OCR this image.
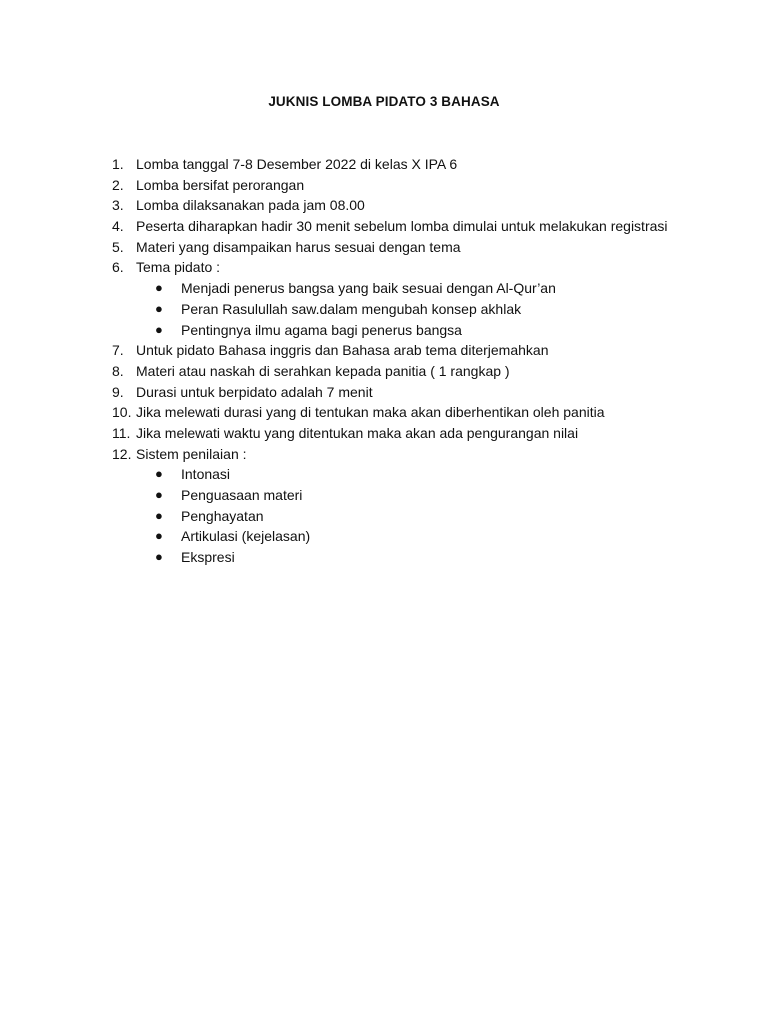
JUKNIS LOMBA PIDATO 3 BAHASA
1. Lomba tanggal 7-8 Desember 2022 di kelas X IPA 6
2. Lomba bersifat perorangan
3. Lomba dilaksanakan pada jam 08.00
4. Peserta diharapkan hadir 30 menit sebelum lomba dimulai untuk melakukan registrasi
5. Materi yang disampaikan harus sesuai dengan tema
6. Tema pidato :
● Menjadi penerus bangsa yang baik sesuai dengan Al-Qur’an
● Peran Rasulullah saw.dalam mengubah konsep akhlak
● Pentingnya ilmu agama bagi penerus bangsa
7. Untuk pidato Bahasa inggris dan Bahasa arab tema diterjemahkan
8. Materi atau naskah di serahkan kepada panitia ( 1 rangkap )
9. Durasi untuk berpidato adalah 7 menit
10. Jika melewati durasi yang di tentukan maka akan diberhentikan oleh panitia
11. Jika melewati waktu yang ditentukan maka akan ada pengurangan nilai
12. Sistem penilaian :
● Intonasi
● Penguasaan materi
● Penghayatan
● Artikulasi (kejelasan)
● Ekspresi
